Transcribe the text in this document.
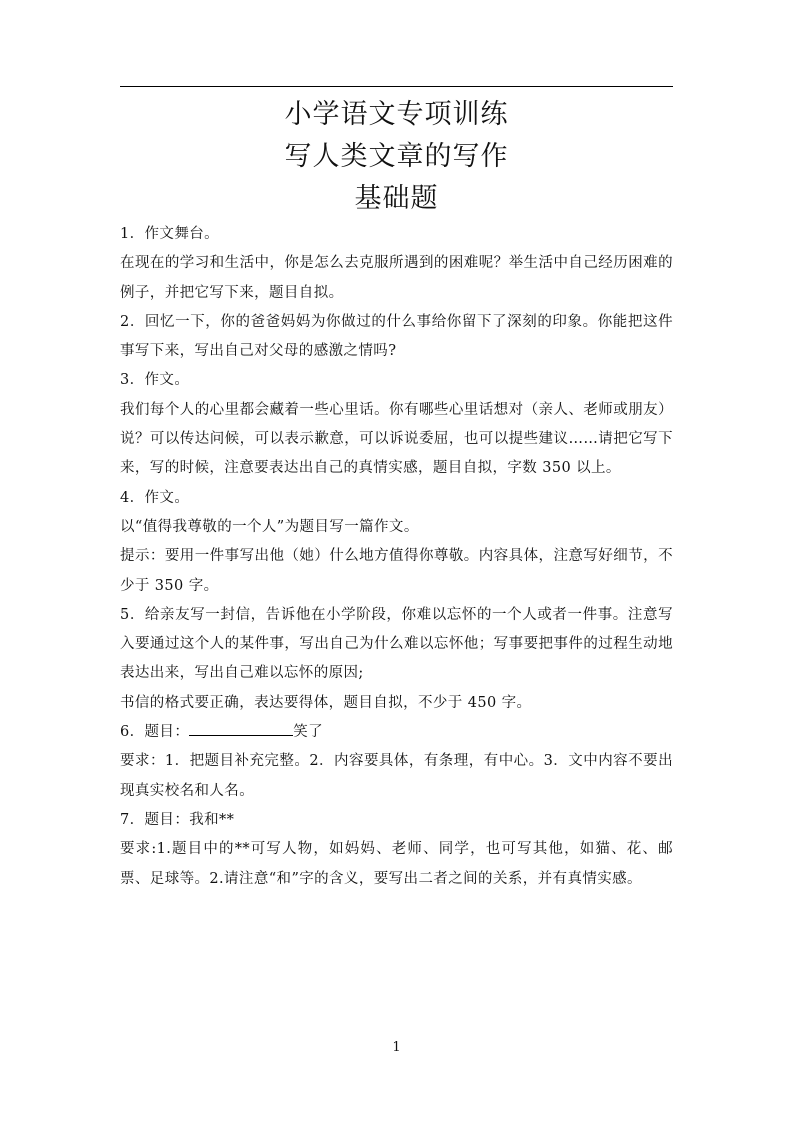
小学语文专项训练
写人类文章的写作
基础题

1．作文舞台。

在现在的学习和生活中，你是怎么去克服所遇到的困难呢？举生活中自己经历困难的例子，并把它写下来，题目自拟。

2．回忆一下，你的爸爸妈妈为你做过的什么事给你留下了深刻的印象。你能把这件事写下来，写出自己对父母的感激之情吗?

3．作文。

我们每个人的心里都会藏着一些心里话。你有哪些心里话想对（亲人、老师或朋友）说？可以传达问候，可以表示歉意，可以诉说委屈，也可以提些建议……请把它写下来，写的时候，注意要表达出自己的真情实感，题目自拟，字数 350 以上。

4．作文。

以“值得我尊敬的一个人”为题目写一篇作文。

提示：要用一件事写出他（她）什么地方值得你尊敬。内容具体，注意写好细节，不少于 350 字。

5．给亲友写一封信，告诉他在小学阶段，你难以忘怀的一个人或者一件事。注意写入要通过这个人的某件事，写出自己为什么难以忘怀他；写事要把事件的过程生动地表达出来，写出自己难以忘怀的原因;

书信的格式要正确，表达要得体，题目自拟，不少于 450 字。

6．题目：	笑了

要求：1．把题目补充完整。2．内容要具体，有条理，有中心。3．文中内容不要出现真实校名和人名。

7．题目：我和**

要求:1.题目中的**可写人物，如妈妈、老师、同学，也可写其他，如猫、花、邮 票、足球等。2.请注意“和”字的含义，要写出二者之间的关系，并有真情实感。

1
